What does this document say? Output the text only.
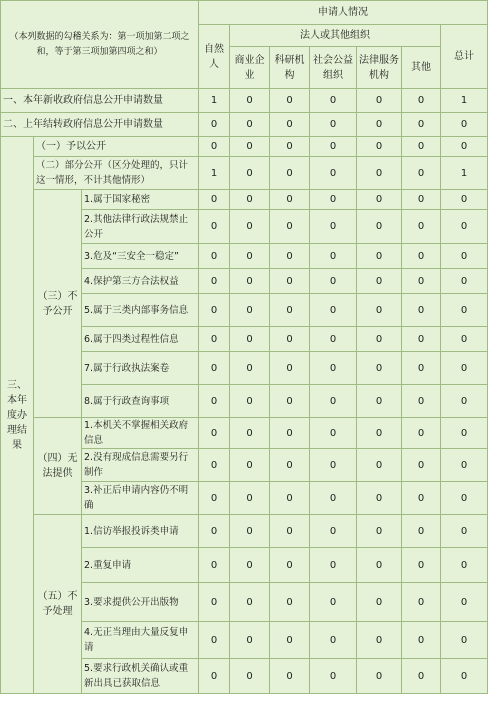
（本列数据的勾稽关系为：第一项加第二项之和，等于第三项加第四项之和）			申请人情况						
			自然人	法人或其他组织					总计
				商业企业	科研机构	社会公益组织	法律服务机构	其他	
一、本年新收政府信息公开申请数量			1	0	0	0	0	0	1
二、上年结转政府信息公开申请数量			0	0	0	0	0	0	0
三、本年度办理结果	（一）予以公开		0	0	0	0	0	0	0
	（二）部分公开（区分处理的，只计这一情形，不计其他情形）		1	0	0	0	0	0	1
	（三）不予公开	1.属于国家秘密	0	0	0	0	0	0	0
		2.其他法律行政法规禁止公开	0	0	0	0	0	0	0
		3.危及“三安全一稳定”	0	0	0	0	0	0	0
		4.保护第三方合法权益	0	0	0	0	0	0	0
		5.属于三类内部事务信息	0	0	0	0	0	0	0
		6.属于四类过程性信息	0	0	0	0	0	0	0
		7.属于行政执法案卷	0	0	0	0	0	0	0
		8.属于行政查询事项	0	0	0	0	0	0	0
	（四）无法提供	1.本机关不掌握相关政府信息	0	0	0	0	0	0	0
		2.没有现成信息需要另行制作	0	0	0	0	0	0	0
		3.补正后申请内容仍不明确	0	0	0	0	0	0	0
	（五）不予处理	1.信访举报投诉类申请	0	0	0	0	0	0	0
		2.重复申请	0	0	0	0	0	0	0
		3.要求提供公开出版物	0	0	0	0	0	0	0
		4.无正当理由大量反复申请	0	0	0	0	0	0	0
		5.要求行政机关确认或重新出具已获取信息	0	0	0	0	0	0	0
